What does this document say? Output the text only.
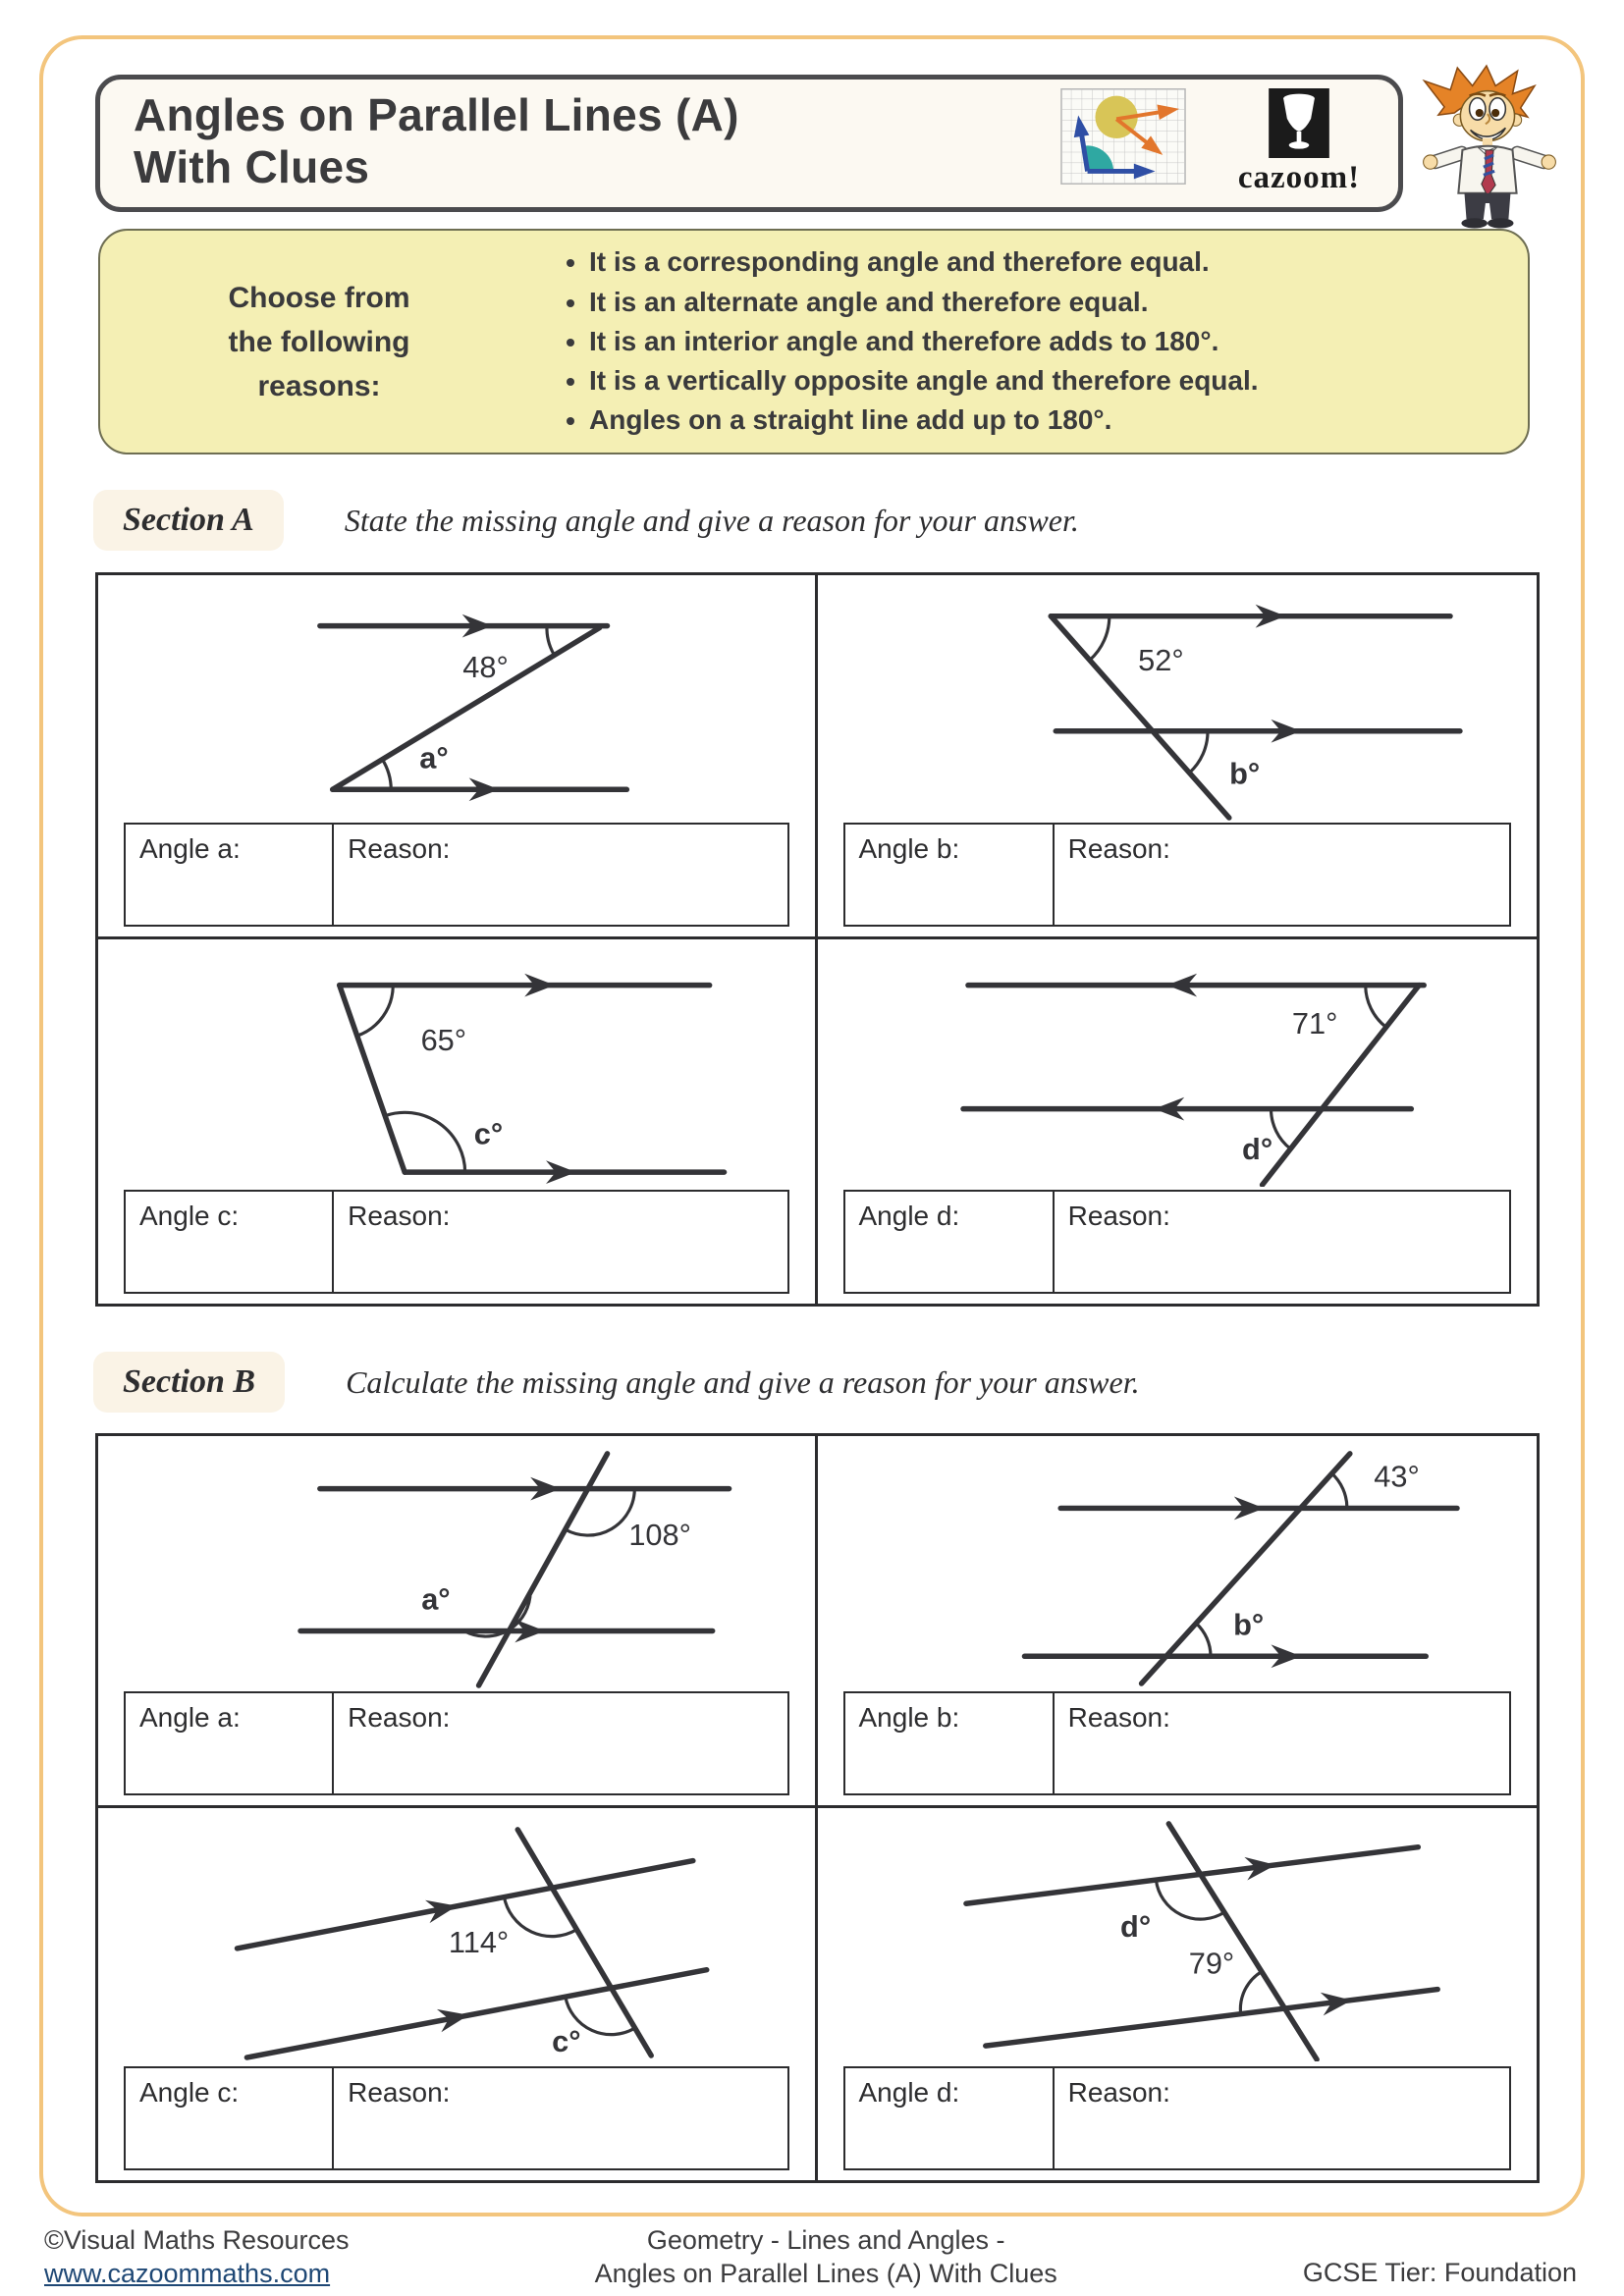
Angles on Parallel Lines (A)
With Clues	cazoom!
Choose from
the following
reasons:
• It is a corresponding angle and therefore equal.
• It is an alternate angle and therefore equal.
• It is an interior angle and therefore adds to 180°.
• It is a vertically opposite angle and therefore equal.
• Angles on a straight line add up to 180°.
Section A	State the missing angle and give a reason for your answer.
48°
a°
Angle a:	Reason:
52°
b°
Angle b:	Reason:
65°
c°
Angle c:	Reason:
71°
d°
Angle d:	Reason:
Section B	Calculate the missing angle and give a reason for your answer.
108°
a°
Angle a:	Reason:
43°
b°
Angle b:	Reason:
114°
c°
Angle c:	Reason:
d°
79°
Angle d:	Reason:
©Visual Maths Resources
www.cazoommaths.com
Geometry - Lines and Angles -
Angles on Parallel Lines (A) With Clues	GCSE Tier: Foundation
